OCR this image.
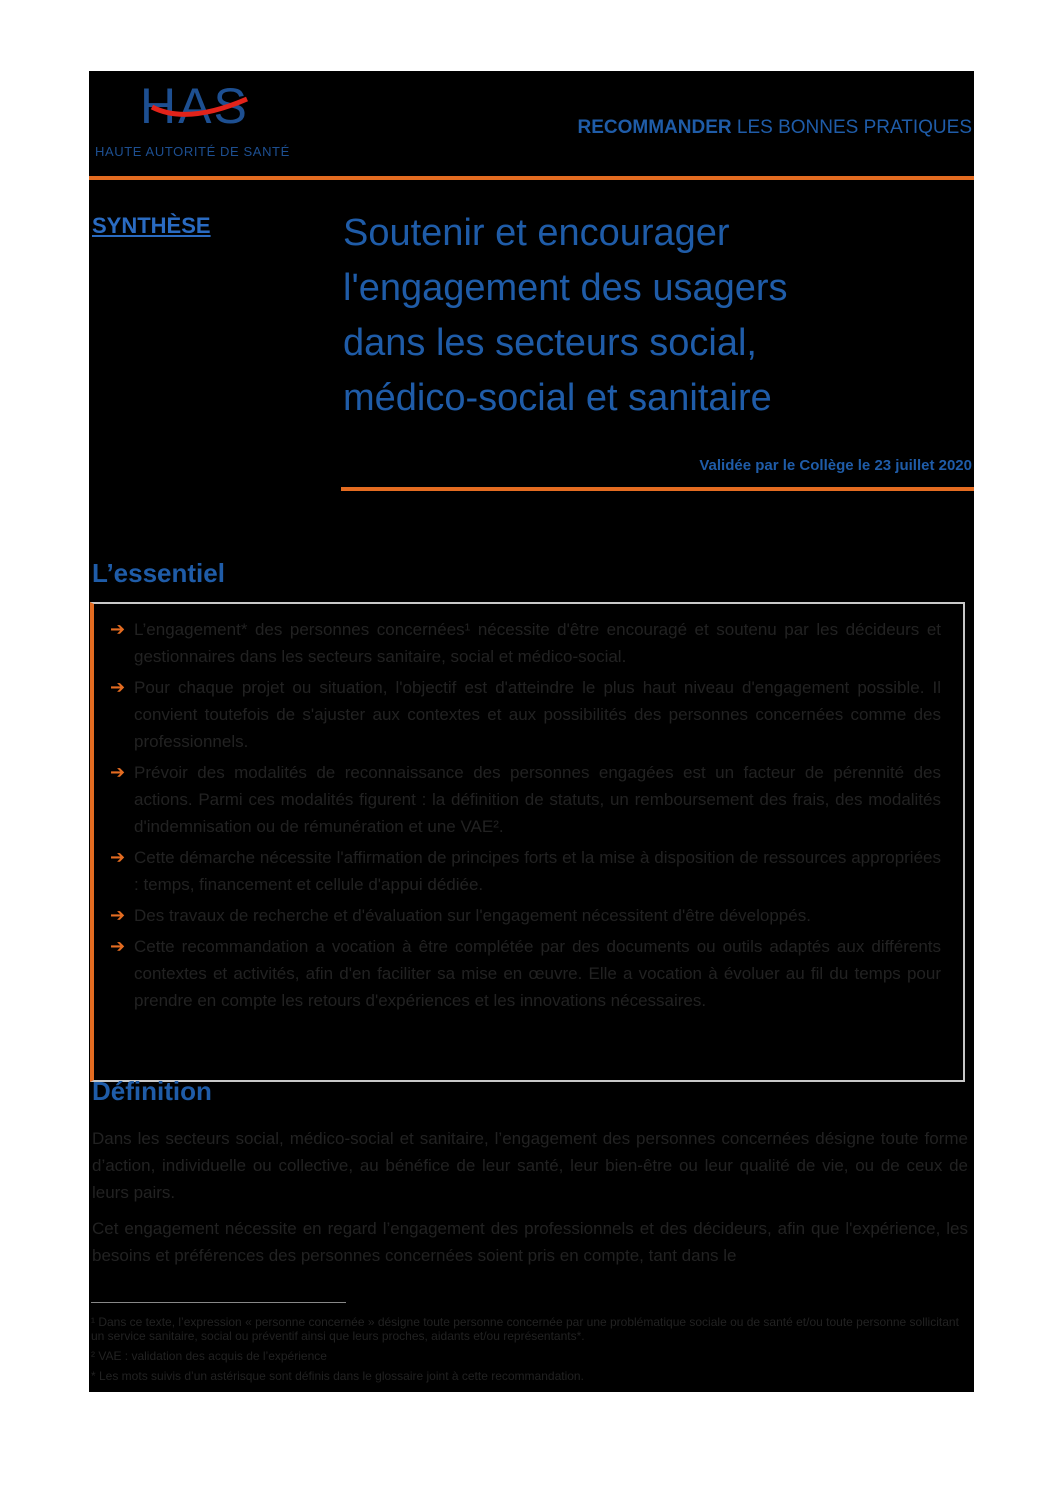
HAS
HAUTE AUTORITÉ DE SANTÉ
RECOMMANDER LES BONNES PRATIQUES
SYNTHÈSE	Soutenir et encourager
l'engagement des usagers
dans les secteurs social,
médico-social et sanitaire
Validée par le Collège le 23 juillet 2020
L’essentiel
➔ L’engagement* des personnes concernées¹ nécessite d'être encouragé et soutenu par les décideurs et gestionnaires dans les secteurs sanitaire, social et médico-social.
➔ Pour chaque projet ou situation, l'objectif est d'atteindre le plus haut niveau d'engagement possible. Il convient toutefois de s'ajuster aux contextes et aux possibilités des personnes concernées comme des professionnels.
➔ Prévoir des modalités de reconnaissance des personnes engagées est un facteur de pérennité des actions. Parmi ces modalités figurent : la définition de statuts, un remboursement des frais, des modalités d'indemnisation ou de rémunération et une VAE².
➔ Cette démarche nécessite l'affirmation de principes forts et la mise à disposition de ressources appropriées : temps, financement et cellule d'appui dédiée.
➔ Des travaux de recherche et d'évaluation sur l'engagement nécessitent d'être développés.
➔ Cette recommandation a vocation à être complétée par des documents ou outils adaptés aux différents contextes et activités, afin d'en faciliter sa mise en œuvre. Elle a vocation à évoluer au fil du temps pour prendre en compte les retours d'expériences et les innovations nécessaires.
Définition
Dans les secteurs social, médico-social et sanitaire, l’engagement des personnes concernées désigne toute forme d’action, individuelle ou collective, au bénéfice de leur santé, leur bien-être ou leur qualité de vie, ou de ceux de leurs pairs.
Cet engagement nécessite en regard l’engagement des professionnels et des décideurs, afin que l'expérience, les besoins et préférences des personnes concernées soient pris en compte, tant dans le

¹ Dans ce texte, l’expression « personne concernée » désigne toute personne concernée par une problématique sociale ou de santé et/ou toute personne sollicitant un service sanitaire, social ou préventif ainsi que leurs proches, aidants et/ou représentants*.

² VAE : validation des acquis de l’expérience

* Les mots suivis d’un astérisque sont définis dans le glossaire joint à cette recommandation.
